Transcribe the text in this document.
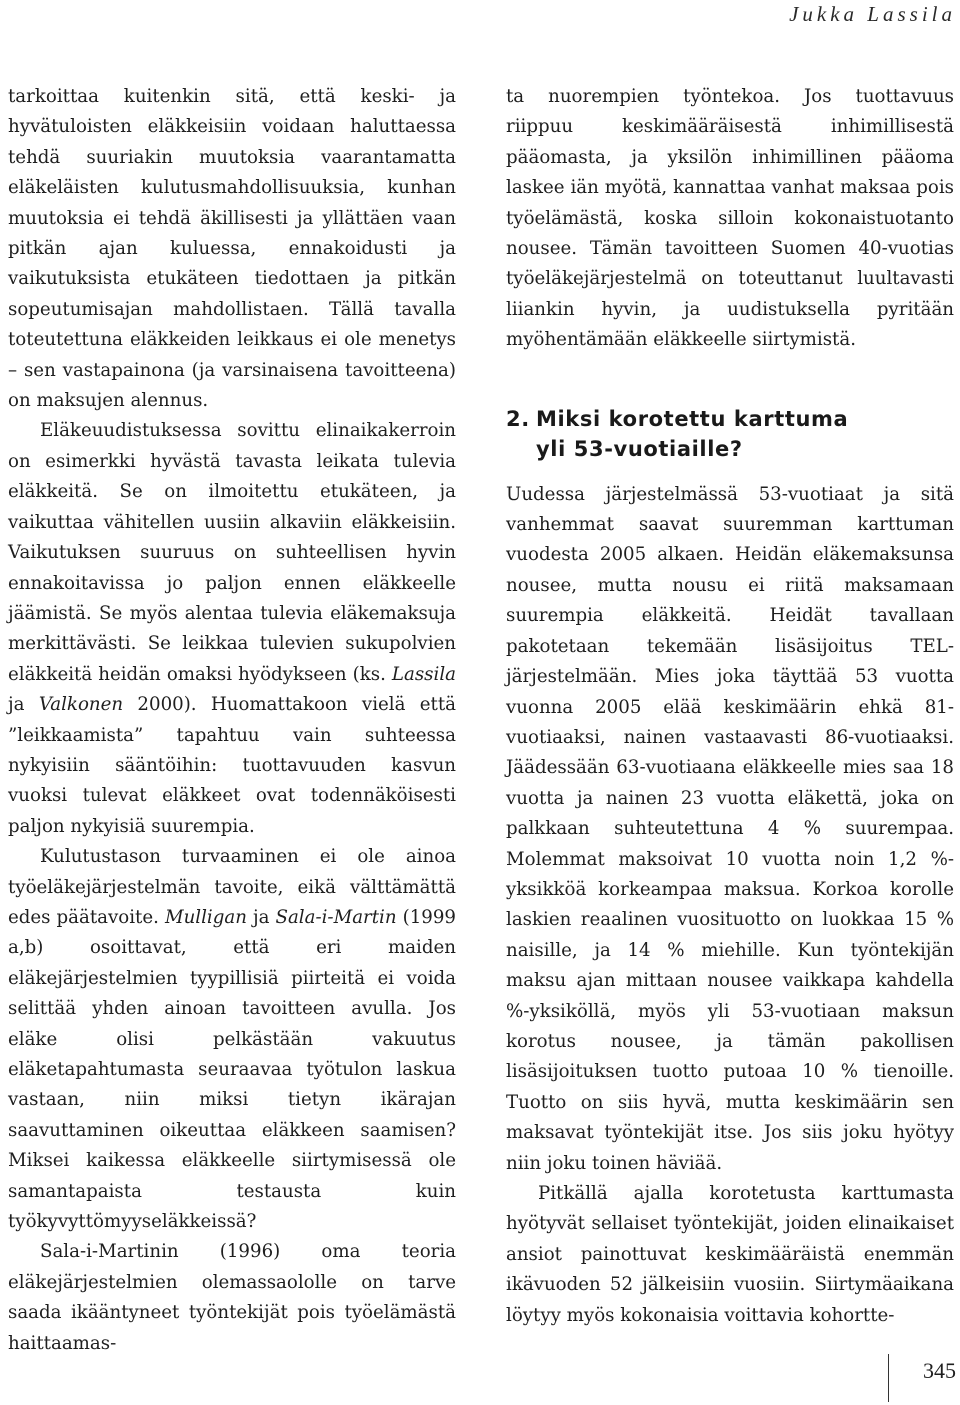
Jukka Lassila

tarkoittaa kuitenkin sitä, että keski- ja hyvätuloisten eläkkeisiin voidaan haluttaessa tehdä suuriakin muutoksia vaarantamatta eläkeläisten kulutusmahdollisuuksia, kunhan muutoksia ei tehdä äkillisesti ja yllättäen vaan pitkän ajan kuluessa, ennakoidusti ja vaikutuksista etukäteen tiedottaen ja pitkän sopeutumisajan mahdollistaen. Tällä tavalla toteutettuna eläkkeiden leikkaus ei ole menetys – sen vastapainona (ja varsinaisena tavoitteena) on maksujen alennus.

Eläkeuudistuksessa sovittu elinaikakerroin on esimerkki hyvästä tavasta leikata tulevia eläkkeitä. Se on ilmoitettu etukäteen, ja vaikuttaa vähitellen uusiin alkaviin eläkkeisiin. Vaikutuksen suuruus on suhteellisen hyvin ennakoitavissa jo paljon ennen eläkkeelle jäämistä. Se myös alentaa tulevia eläkemaksuja merkittävästi. Se leikkaa tulevien sukupolvien eläkkeitä heidän omaksi hyödykseen (ks. Lassila ja Valkonen 2000). Huomattakoon vielä että ”leikkaamista” tapahtuu vain suhteessa nykyisiin sääntöihin: tuottavuuden kasvun vuoksi tulevat eläkkeet ovat todennäköisesti paljon nykyisiä suurempia.

Kulutustason turvaaminen ei ole ainoa työeläkejärjestelmän tavoite, eikä välttämättä edes päätavoite. Mulligan ja Sala-i-Martin (1999 a,b) osoittavat, että eri maiden eläkejärjestelmien tyypillisiä piirteitä ei voida selittää yhden ainoan tavoitteen avulla. Jos eläke olisi pelkästään vakuutus eläketapahtumasta seuraavaa työtulon laskua vastaan, niin miksi tietyn ikärajan saavuttaminen oikeuttaa eläkkeen saamisen? Miksei kaikessa eläkkeelle siirtymisessä ole samantapaista testausta kuin työkyvyttömyyseläkkeissä?

Sala-i-Martinin (1996) oma teoria eläkejärjestelmien olemassaololle on tarve saada ikääntyneet työntekijät pois työelämästä haittaamas-

ta nuorempien työntekoa. Jos tuottavuus riippuu keskimääräisestä inhimillisestä pääomasta, ja yksilön inhimillinen pääoma laskee iän myötä, kannattaa vanhat maksaa pois työelämästä, koska silloin kokonaistuotanto nousee. Tämän tavoitteen Suomen 40-vuotias työeläkejärjestelmä on toteuttanut luultavasti liiankin hyvin, ja uudistuksella pyritään myöhentämään eläkkeelle siirtymistä.

2. Miksi korotettu karttuma
yli 53-vuotiaille?

Uudessa järjestelmässä 53-vuotiaat ja sitä vanhemmat saavat suuremman karttuman vuodesta 2005 alkaen. Heidän eläkemaksunsa nousee, mutta nousu ei riitä maksamaan suurempia eläkkeitä. Heidät tavallaan pakotetaan tekemään lisäsijoitus TEL-järjestelmään. Mies joka täyttää 53 vuotta vuonna 2005 elää keskimäärin ehkä 81-vuotiaaksi, nainen vastaavasti 86-vuotiaaksi. Jäädessään 63-vuotiaana eläkkeelle mies saa 18 vuotta ja nainen 23 vuotta eläkettä, joka on palkkaan suhteutettuna 4 % suurempaa. Molemmat maksoivat 10 vuotta noin 1,2 %-yksikköä korkeampaa maksua. Korkoa korolle laskien reaalinen vuosituotto on luokkaa 15 % naisille, ja 14 % miehille. Kun työntekijän maksu ajan mittaan nousee vaikkapa kahdella %-yksiköllä, myös yli 53-vuotiaan maksun korotus nousee, ja tämän pakollisen lisäsijoituksen tuotto putoaa 10 % tienoille. Tuotto on siis hyvä, mutta keskimäärin sen maksavat työntekijät itse. Jos siis joku hyötyy niin joku toinen häviää.

Pitkällä ajalla korotetusta karttumasta hyötyvät sellaiset työntekijät, joiden elinaikaiset ansiot painottuvat keskimääräistä enemmän ikävuoden 52 jälkeisiin vuosiin. Siirtymäaikana löytyy myös kokonaisia voittavia kohortte-

345
